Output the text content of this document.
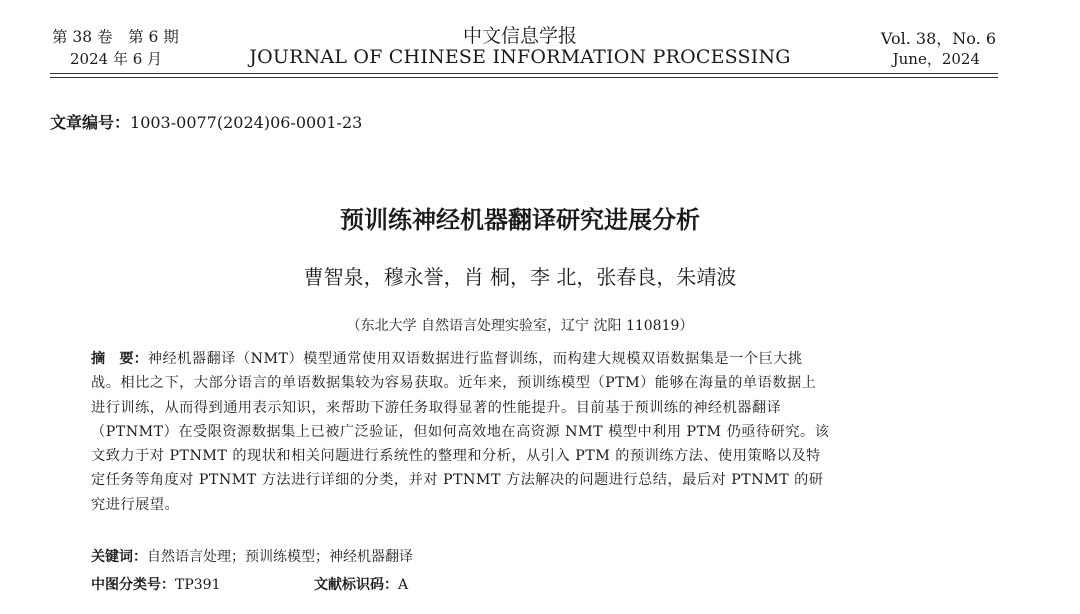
第 38 卷　第 6 期
2024 年 6 月
中文信息学报
JOURNAL OF CHINESE INFORMATION PROCESSING
Vol. 38，No. 6
June，2024
文章编号：1003-0077(2024)06-0001-23
预训练神经机器翻译研究进展分析
曹智泉，穆永誉，肖 桐，李 北，张春良，朱靖波
（东北大学 自然语言处理实验室，辽宁 沈阳 110819）
摘　要：神经机器翻译（NMT）模型通常使用双语数据进行监督训练，而构建大规模双语数据集是一个巨大挑
战。相比之下，大部分语言的单语数据集较为容易获取。近年来，预训练模型（PTM）能够在海量的单语数据上
进行训练，从而得到通用表示知识，来帮助下游任务取得显著的性能提升。目前基于预训练的神经机器翻译
（PTNMT）在受限资源数据集上已被广泛验证，但如何高效地在高资源 NMT 模型中利用 PTM 仍亟待研究。该
文致力于对 PTNMT 的现状和相关问题进行系统性的整理和分析，从引入 PTM 的预训练方法、使用策略以及特
定任务等角度对 PTNMT 方法进行详细的分类，并对 PTNMT 方法解决的问题进行总结，最后对 PTNMT 的研
究进行展望。
关键词：自然语言处理；预训练模型；神经机器翻译
中图分类号：TP391	文献标识码：A
